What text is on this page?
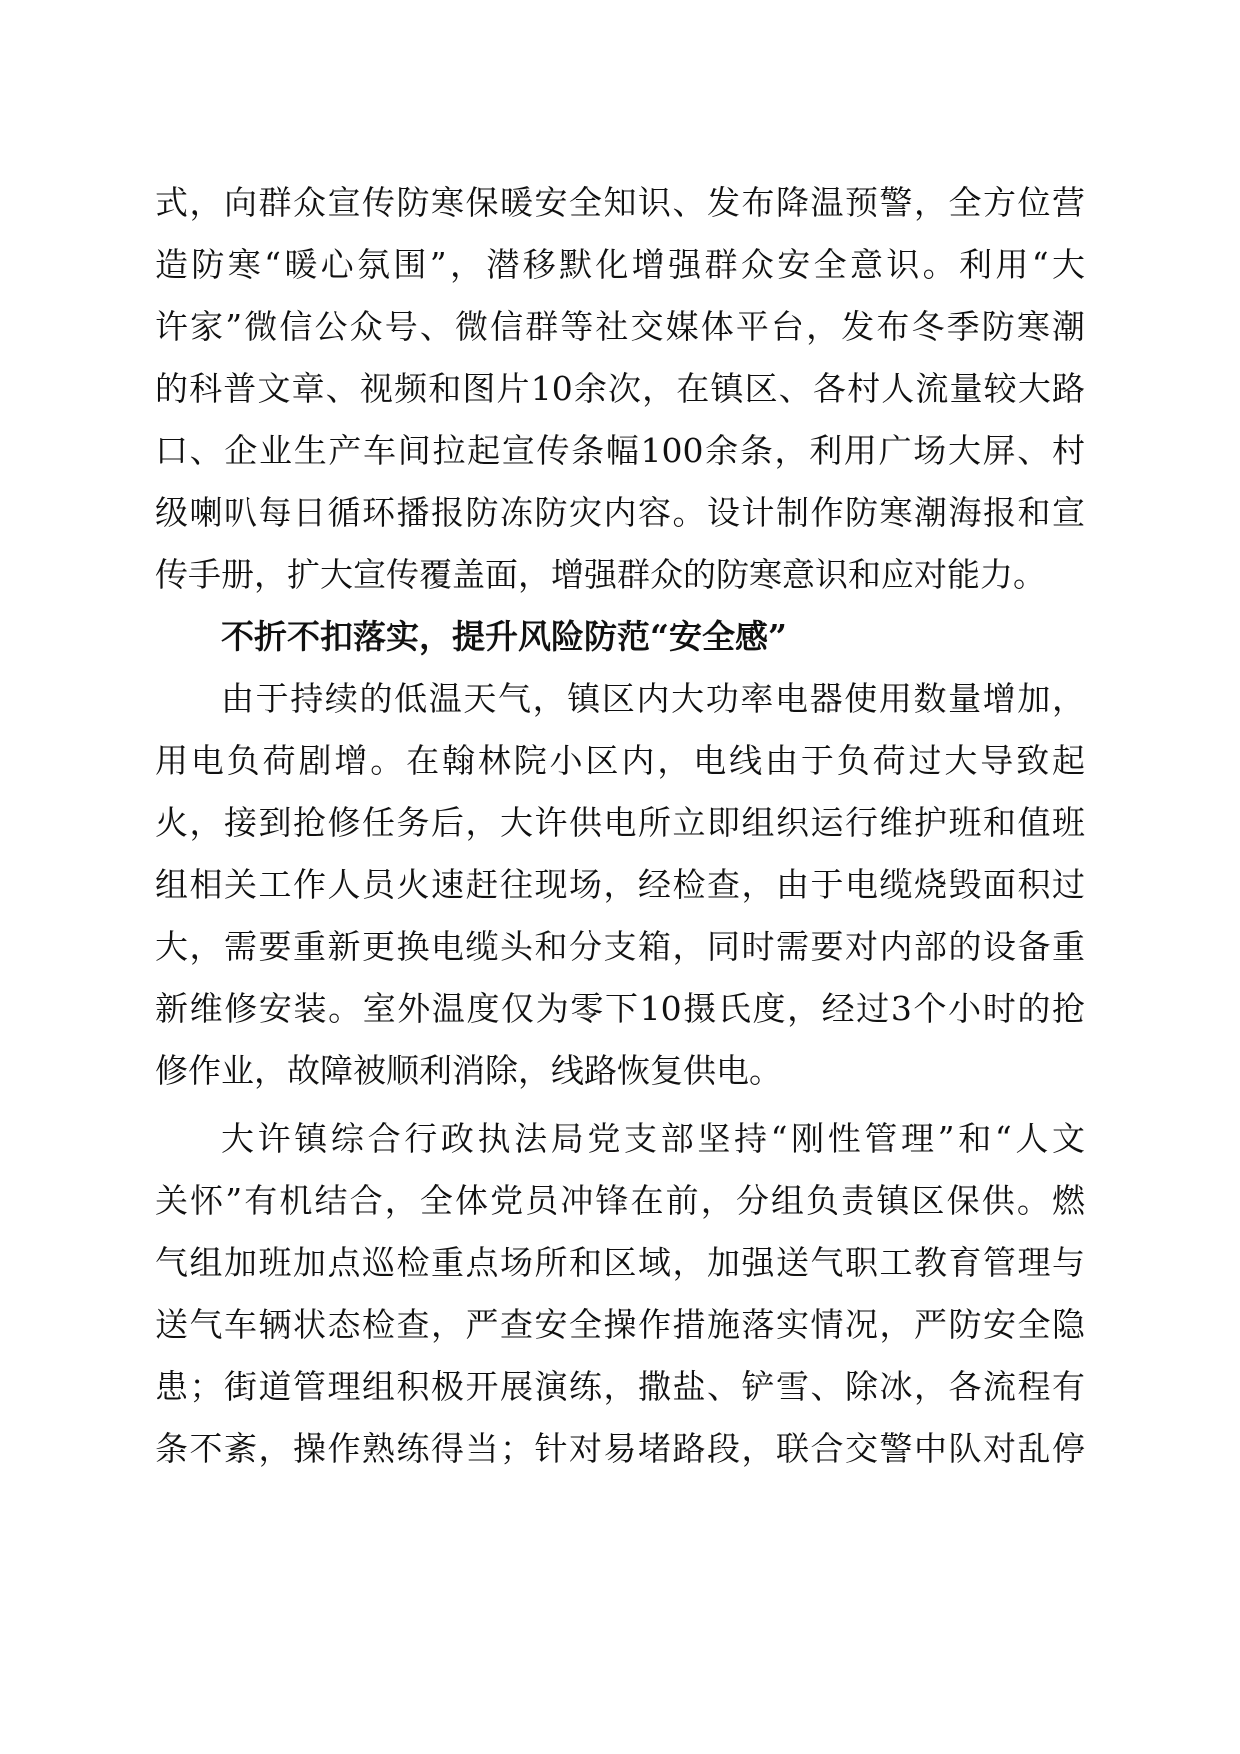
式，向群众宣传防寒保暖安全知识、发布降温预警，全方位营
造防寒“暖心氛围”，潜移默化增强群众安全意识。利用“大
许家”微信公众号、微信群等社交媒体平台，发布冬季防寒潮
的科普文章、视频和图片10余次，在镇区、各村人流量较大路
口、企业生产车间拉起宣传条幅100余条，利用广场大屏、村
级喇叭每日循环播报防冻防灾内容。设计制作防寒潮海报和宣
传手册，扩大宣传覆盖面，增强群众的防寒意识和应对能力。
不折不扣落实，提升风险防范“安全感”
由于持续的低温天气，镇区内大功率电器使用数量增加，
用电负荷剧增。在翰林院小区内，电线由于负荷过大导致起
火，接到抢修任务后，大许供电所立即组织运行维护班和值班
组相关工作人员火速赶往现场，经检查，由于电缆烧毁面积过
大，需要重新更换电缆头和分支箱，同时需要对内部的设备重
新维修安装。室外温度仅为零下10摄氏度，经过3个小时的抢
修作业，故障被顺利消除，线路恢复供电。
大许镇综合行政执法局党支部坚持“刚性管理”和“人文
关怀”有机结合，全体党员冲锋在前，分组负责镇区保供。燃
气组加班加点巡检重点场所和区域，加强送气职工教育管理与
送气车辆状态检查，严查安全操作措施落实情况，严防安全隐
患；街道管理组积极开展演练，撒盐、铲雪、除冰，各流程有
条不紊，操作熟练得当；针对易堵路段，联合交警中队对乱停
